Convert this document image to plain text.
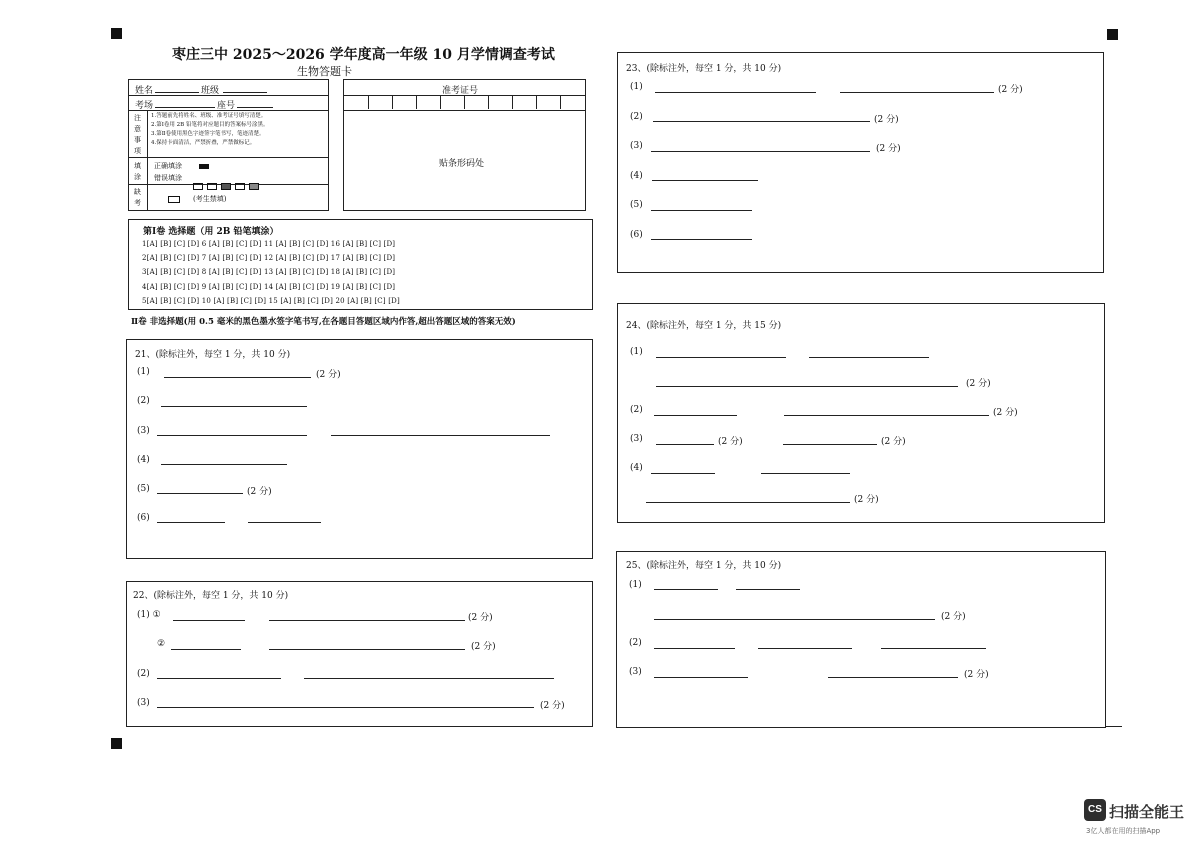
枣庄三中 2025～2026 学年度高一年级 10 月学情调查考试
生物答题卡
姓名	班级
考场	座号
注
意
事
项
1.答题前先将姓名、班级、准考证号填写清楚。
2.第Ⅰ卷用 2B 铅笔将对应题目的答案标号涂黑。
3.第Ⅱ卷使用黑色字迹签字笔书写，笔迹清楚。
4.保持卡面清洁，严禁折叠，严禁做标记。
填
涂
正确填涂
错误填涂
缺
考	(考生禁填)
准考证号
贴条形码处
第Ⅰ卷 选择题（用 2B 铅笔填涂）
1[A] [B] [C] [D] 6 [A] [B] [C] [D] 11 [A] [B] [C] [D] 16 [A] [B] [C] [D]
2[A] [B] [C] [D] 7 [A] [B] [C] [D] 12 [A] [B] [C] [D] 17 [A] [B] [C] [D]
3[A] [B] [C] [D] 8 [A] [B] [C] [D] 13 [A] [B] [C] [D] 18 [A] [B] [C] [D]
4[A] [B] [C] [D] 9 [A] [B] [C] [D] 14 [A] [B] [C] [D] 19 [A] [B] [C] [D]
5[A] [B] [C] [D] 10 [A] [B] [C] [D] 15 [A] [B] [C] [D] 20 [A] [B] [C] [D]
Ⅱ卷 非选择题(用 0.5 毫米的黑色墨水签字笔书写,在各题目答题区域内作答,超出答题区域的答案无效)
21、(除标注外，每空 1 分，共 10 分)
(1)	(2 分)
(2)
(3)
(4)
(5)	(2 分)
(6)
22、(除标注外，每空 1 分，共 10 分)
(1) ①	(2 分)
②	(2 分)
(2)
(3)	(2 分)
23、(除标注外，每空 1 分，共 10 分)
(1)	(2 分)
(2)	(2 分)
(3)	(2 分)
(4)
(5)
(6)
24、(除标注外，每空 1 分，共 15 分)
(1)
(2 分)
(2)	(2 分)
(3)	(2 分)	(2 分)
(4)
(2 分)
25、(除标注外，每空 1 分，共 10 分)
(1)
(2 分)
(2)
(3)	(2 分)
CS 扫描全能王
3亿人都在用的扫描App
